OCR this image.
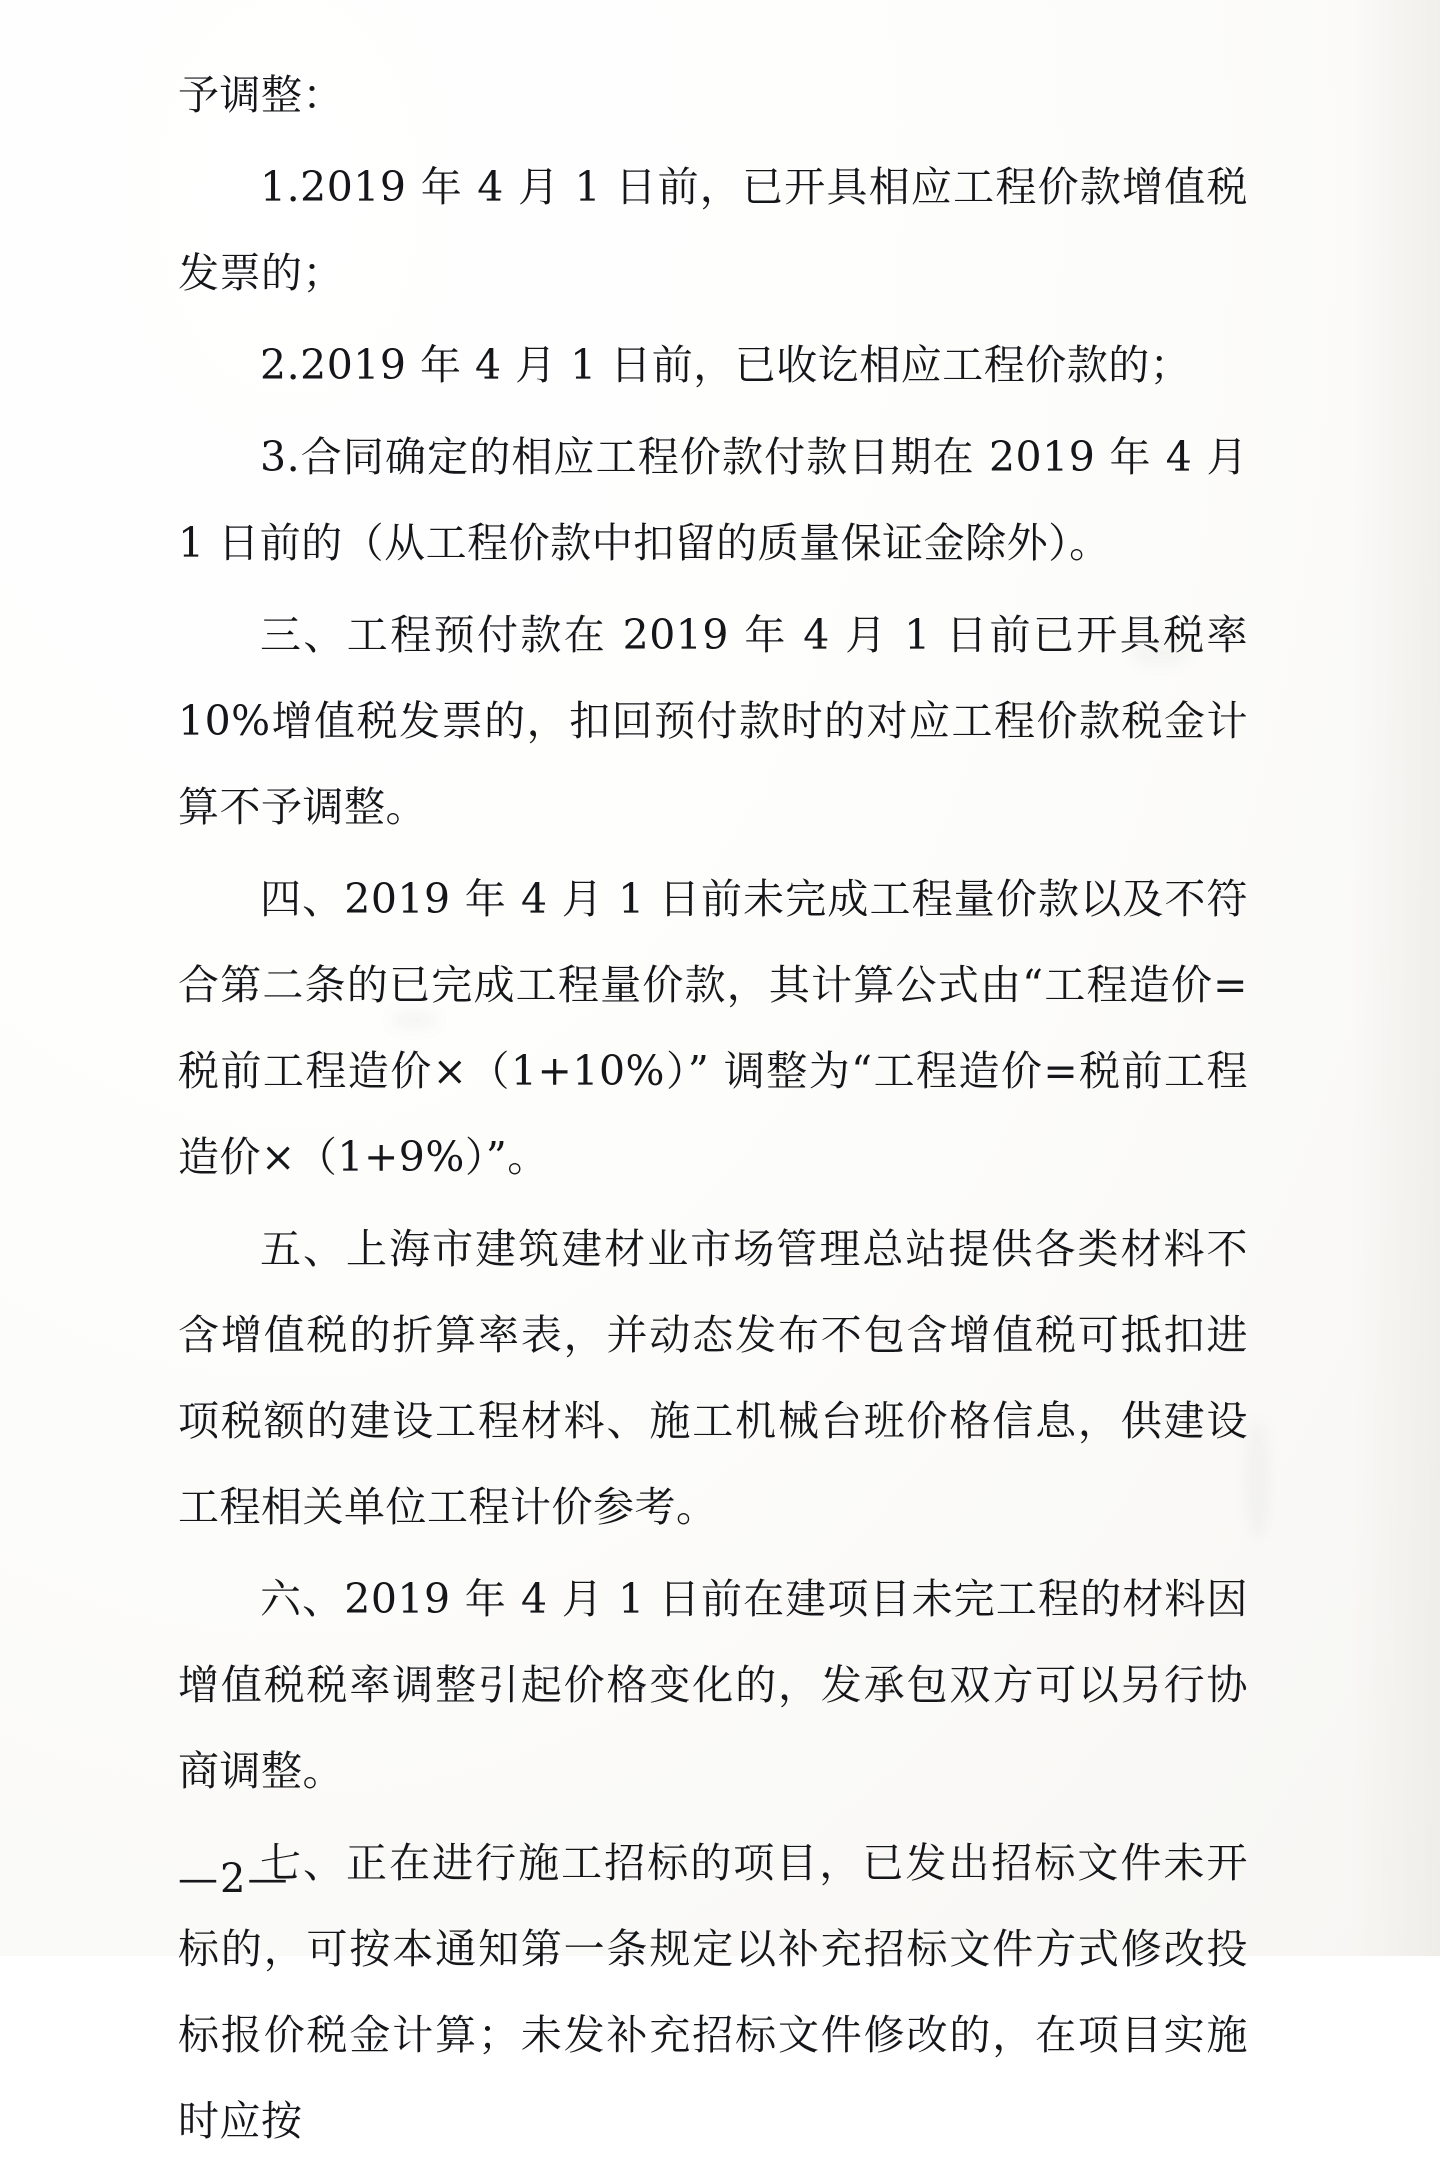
予调整：

1.2019 年 4 月 1 日前，已开具相应工程价款增值税发票的；

2.2019 年 4 月 1 日前，已收讫相应工程价款的；

3.合同确定的相应工程价款付款日期在 2019 年 4 月 1 日前的（从工程价款中扣留的质量保证金除外）。

三、工程预付款在 2019 年 4 月 1 日前已开具税率 10%增值税发票的，扣回预付款时的对应工程价款税金计算不予调整。

四、2019 年 4 月 1 日前未完成工程量价款以及不符合第二条的已完成工程量价款，其计算公式由“工程造价=税前工程造价×（1+10%）” 调整为“工程造价=税前工程造价×（1+9%）”。

五、上海市建筑建材业市场管理总站提供各类材料不含增值税的折算率表，并动态发布不包含增值税可抵扣进项税额的建设工程材料、施工机械台班价格信息，供建设工程相关单位工程计价参考。

六、2019 年 4 月 1 日前在建项目未完工程的材料因增值税税率调整引起价格变化的，发承包双方可以另行协商调整。

七、正在进行施工招标的项目，已发出招标文件未开标的，可按本通知第一条规定以补充招标文件方式修改投标报价税金计算；未发补充招标文件修改的，在项目实施时应按

—2—
